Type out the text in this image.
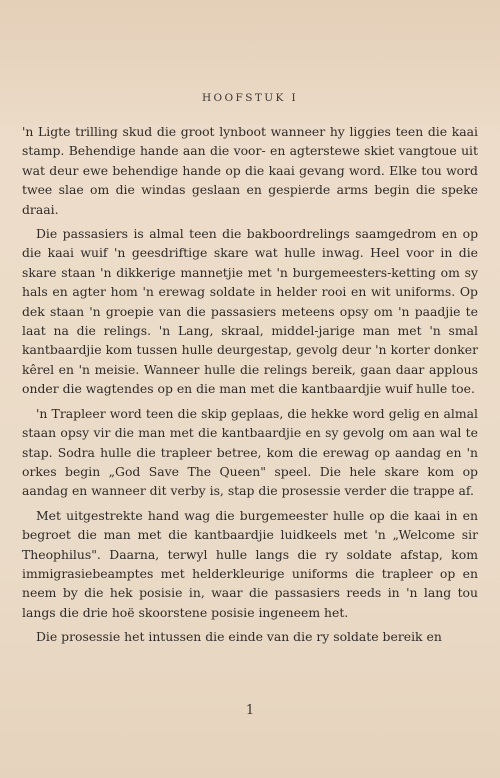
HOOFSTUK I

'n Ligte trilling skud die groot lynboot wanneer hy liggies teen die kaai stamp. Behendige hande aan die voor- en agterstewe skiet vangtoue uit wat deur ewe behendige hande op die kaai gevang word. Elke tou word twee slae om die windas geslaan en gespierde arms begin die speke draai.

Die passasiers is almal teen die bakboordrelings saamgedrom en op die kaai wuif 'n geesdriftige skare wat hulle inwag. Heel voor in die skare staan 'n dikkerige mannetjie met 'n burgemeesters-ketting om sy hals en agter hom 'n erewag soldate in helder rooi en wit uniforms. Op dek staan 'n groepie van die passasiers meteens opsy om 'n paadjie te laat na die relings. 'n Lang, skraal, middel-jarige man met 'n smal kantbaardjie kom tussen hulle deurgestap, gevolg deur 'n korter donker kêrel en 'n meisie. Wanneer hulle die relings bereik, gaan daar applous onder die wagtendes op en die man met die kantbaardjie wuif hulle toe.

'n Trapleer word teen die skip geplaas, die hekke word gelig en almal staan opsy vir die man met die kantbaardjie en sy gevolg om aan wal te stap. Sodra hulle die trapleer betree, kom die erewag op aandag en 'n orkes begin „God Save The Queen" speel. Die hele skare kom op aandag en wanneer dit verby is, stap die prosessie verder die trappe af.

Met uitgestrekte hand wag die burgemeester hulle op die kaai in en begroet die man met die kantbaardjie luidkeels met 'n „Welcome sir Theophilus". Daarna, terwyl hulle langs die ry soldate afstap, kom immigrasiebeamptes met helderkleurige uniforms die trapleer op en neem by die hek posisie in, waar die passasiers reeds in 'n lang tou langs die drie hoë skoorstene posisie ingeneem het.

Die prosessie het intussen die einde van die ry soldate bereik en

1
